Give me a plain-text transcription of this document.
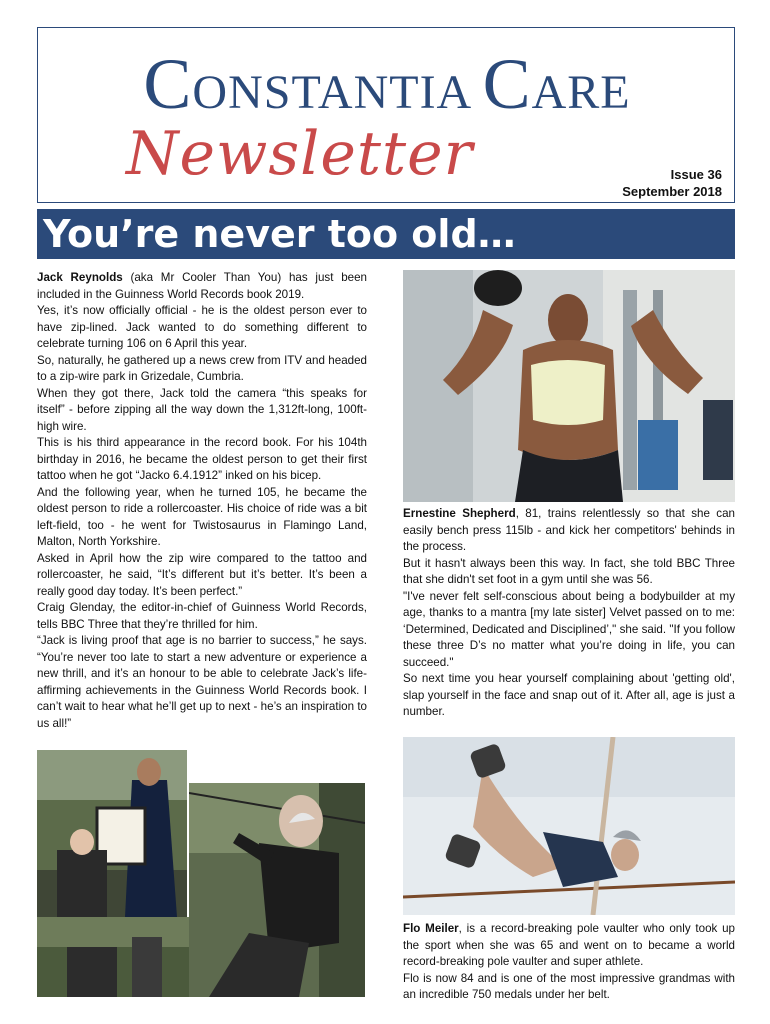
CONSTANTIA CARE
Newsletter	Issue 36
September 2018
You’re never too old…

Jack Reynolds (aka Mr Cooler Than You) has just been included in the Guinness World Records book 2019.

Yes, it’s now officially official - he is the oldest person ever to have zip-lined. Jack wanted to do something different to celebrate turning 106 on 6 April this year.

So, naturally, he gathered up a news crew from ITV and headed to a zip-wire park in Grizedale, Cumbria.

When they got there, Jack told the camera “this speaks for itself” - before zipping all the way down the 1,312ft-long, 100ft-high wire.

This is his third appearance in the record book. For his 104th birthday in 2016, he became the oldest person to get their first tattoo when he got “Jacko 6.4.1912” inked on his bicep.

And the following year, when he turned 105, he became the oldest person to ride a rollercoaster. His choice of ride was a bit left-field, too - he went for Twistosaurus in Flamingo Land, Malton, North Yorkshire.

Asked in April how the zip wire compared to the tattoo and rollercoaster, he said, “It’s different but it’s better. It’s been a really good day today. It’s been perfect.”

Craig Glenday, the editor-in-chief of Guinness World Records, tells BBC Three that they’re thrilled for him.

“Jack is living proof that age is no barrier to success,” he says. “You’re never too late to start a new adventure or experience a new thrill, and it’s an honour to be able to celebrate Jack’s life-affirming achievements in the Guinness World Records book. I can’t wait to hear what he’ll get up to next - he’s an inspiration to us all!”

Ernestine Shepherd, 81, trains relentlessly so that she can easily bench press 115lb - and kick her competitors' behinds in the process.

But it hasn't always been this way. In fact, she told BBC Three that she didn't set foot in a gym until she was 56.

"I've never felt self-conscious about being a bodybuilder at my age, thanks to a mantra [my late sister] Velvet passed on to me: ‘Determined, Dedicated and Disciplined’," she said. "If you follow these three D’s no matter what you’re doing in life, you can succeed."

So next time you hear yourself complaining about 'getting old', slap yourself in the face and snap out of it. After all, age is just a number.

Flo Meiler, is a record-breaking pole vaulter who only took up the sport when she was 65 and went on to became a world record-breaking pole vaulter and super athlete.

Flo is now 84 and is one of the most impressive grandmas with an incredible 750 medals under her belt.
